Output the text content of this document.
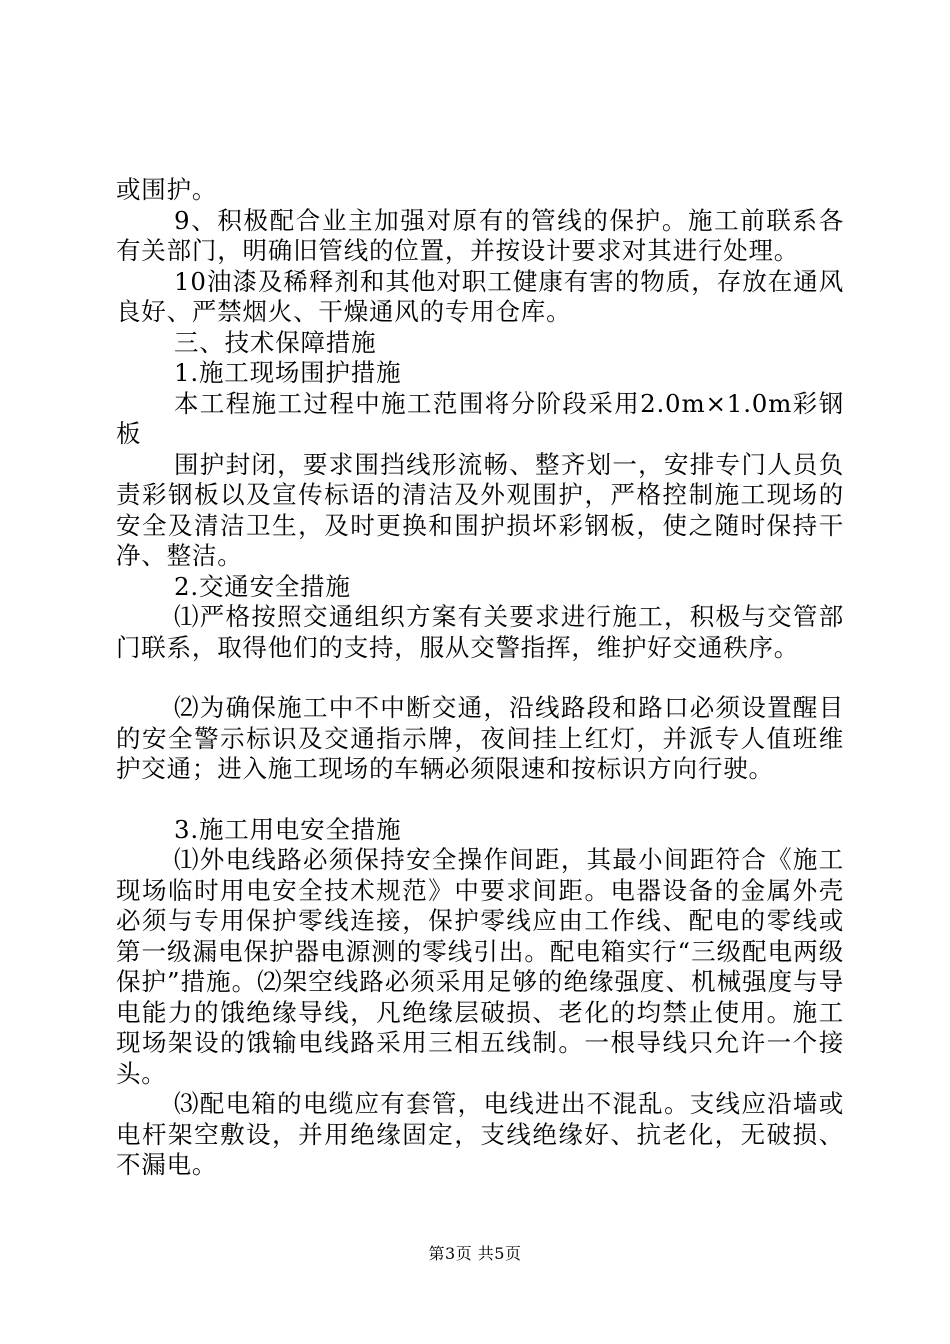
或围护。

9、积极配合业主加强对原有的管线的保护。施工前联系各有关部门，明确旧管线的位置，并按设计要求对其进行处理。

10油漆及稀释剂和其他对职工健康有害的物质，存放在通风良好、严禁烟火、干燥通风的专用仓库。

三、技术保障措施

1.施工现场围护措施

本工程施工过程中施工范围将分阶段采用2.0m×1.0m彩钢板

围护封闭，要求围挡线形流畅、整齐划一，安排专门人员负责彩钢板以及宣传标语的清洁及外观围护，严格控制施工现场的安全及清洁卫生，及时更换和围护损坏彩钢板，使之随时保持干净、整洁。

2.交通安全措施

⑴严格按照交通组织方案有关要求进行施工，积极与交管部门联系，取得他们的支持，服从交警指挥，维护好交通秩序。

⑵为确保施工中不中断交通，沿线路段和路口必须设置醒目的安全警示标识及交通指示牌，夜间挂上红灯，并派专人值班维护交通；进入施工现场的车辆必须限速和按标识方向行驶。

3.施工用电安全措施

⑴外电线路必须保持安全操作间距，其最小间距符合《施工现场临时用电安全技术规范》中要求间距。电器设备的金属外壳必须与专用保护零线连接，保护零线应由工作线、配电的零线或第一级漏电保护器电源测的零线引出。配电箱实行“三级配电两级保护”措施。⑵架空线路必须采用足够的绝缘强度、机械强度与导电能力的饿绝缘导线，凡绝缘层破损、老化的均禁止使用。施工现场架设的饿输电线路采用三相五线制。一根导线只允许一个接头。

⑶配电箱的电缆应有套管，电线进出不混乱。支线应沿墙或电杆架空敷设，并用绝缘固定，支线绝缘好、抗老化，无破损、不漏电。

第3页 共5页
